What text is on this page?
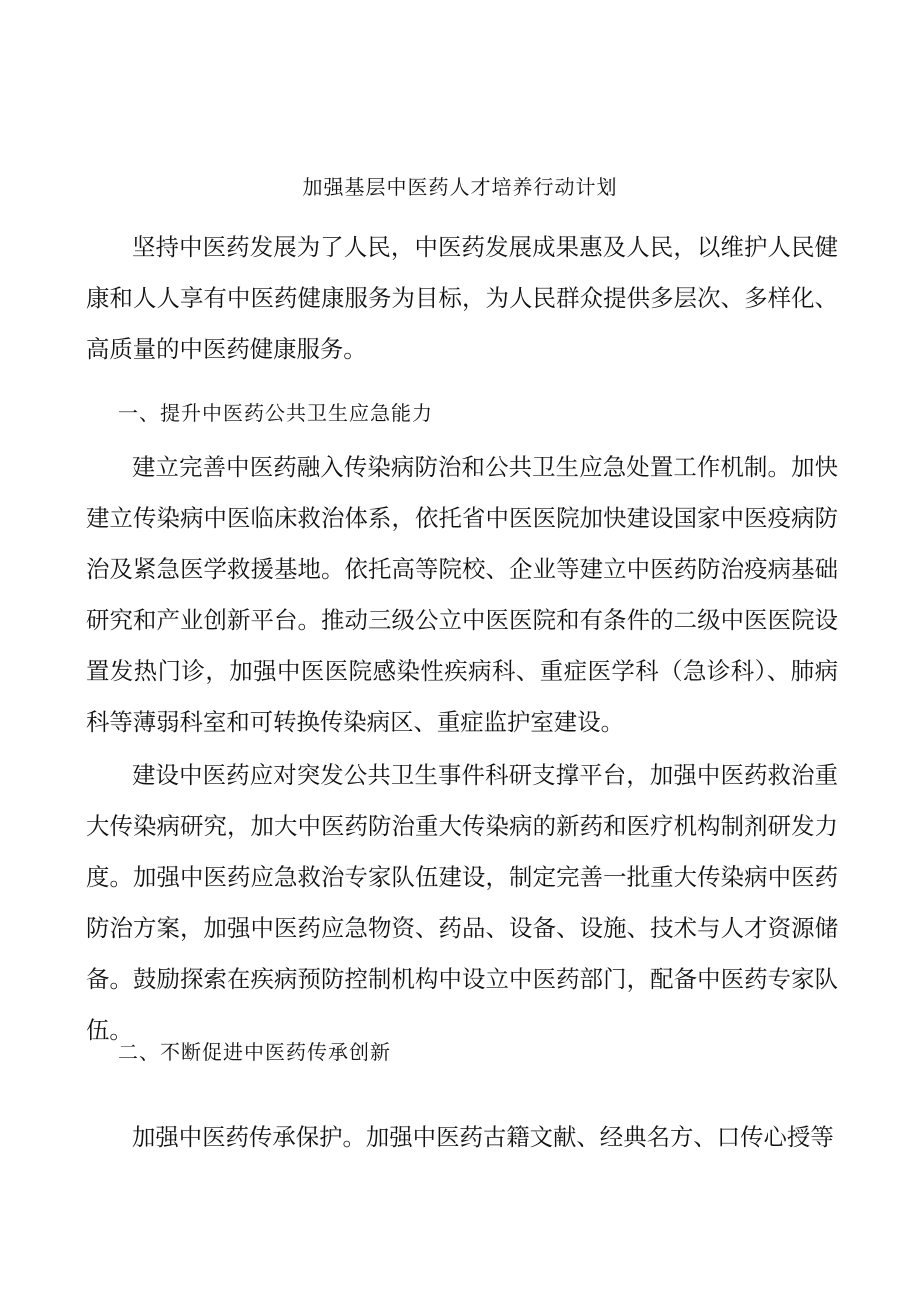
加强基层中医药人才培养行动计划
坚持中医药发展为了人民，中医药发展成果惠及人民，以维护人民健康和人人享有中医药健康服务为目标，为人民群众提供多层次、多样化、高质量的中医药健康服务。
一、提升中医药公共卫生应急能力
建立完善中医药融入传染病防治和公共卫生应急处置工作机制。加快建立传染病中医临床救治体系，依托省中医医院加快建设国家中医疫病防治及紧急医学救援基地。依托高等院校、企业等建立中医药防治疫病基础研究和产业创新平台。推动三级公立中医医院和有条件的二级中医医院设置发热门诊，加强中医医院感染性疾病科、重症医学科（急诊科）、肺病科等薄弱科室和可转换传染病区、重症监护室建设。
建设中医药应对突发公共卫生事件科研支撑平台，加强中医药救治重大传染病研究，加大中医药防治重大传染病的新药和医疗机构制剂研发力度。加强中医药应急救治专家队伍建设，制定完善一批重大传染病中医药防治方案，加强中医药应急物资、药品、设备、设施、技术与人才资源储备。鼓励探索在疾病预防控制机构中设立中医药部门，配备中医药专家队伍。
二、不断促进中医药传承创新
加强中医药传承保护。加强中医药古籍文献、经典名方、口传心授等
